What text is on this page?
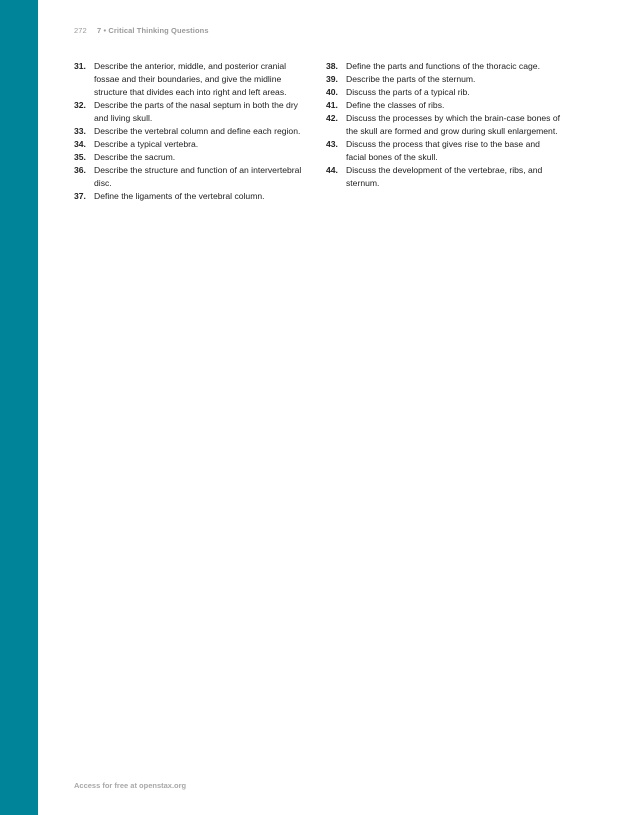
272 7 • Critical Thinking Questions
31. Describe the anterior, middle, and posterior cranial fossae and their boundaries, and give the midline structure that divides each into right and left areas.
32. Describe the parts of the nasal septum in both the dry and living skull.
33. Describe the vertebral column and define each region.
34. Describe a typical vertebra.
35. Describe the sacrum.
36. Describe the structure and function of an intervertebral disc.
37. Define the ligaments of the vertebral column.
38. Define the parts and functions of the thoracic cage.
39. Describe the parts of the sternum.
40. Discuss the parts of a typical rib.
41. Define the classes of ribs.
42. Discuss the processes by which the brain-case bones of the skull are formed and grow during skull enlargement.
43. Discuss the process that gives rise to the base and facial bones of the skull.
44. Discuss the development of the vertebrae, ribs, and sternum.
Access for free at openstax.org
